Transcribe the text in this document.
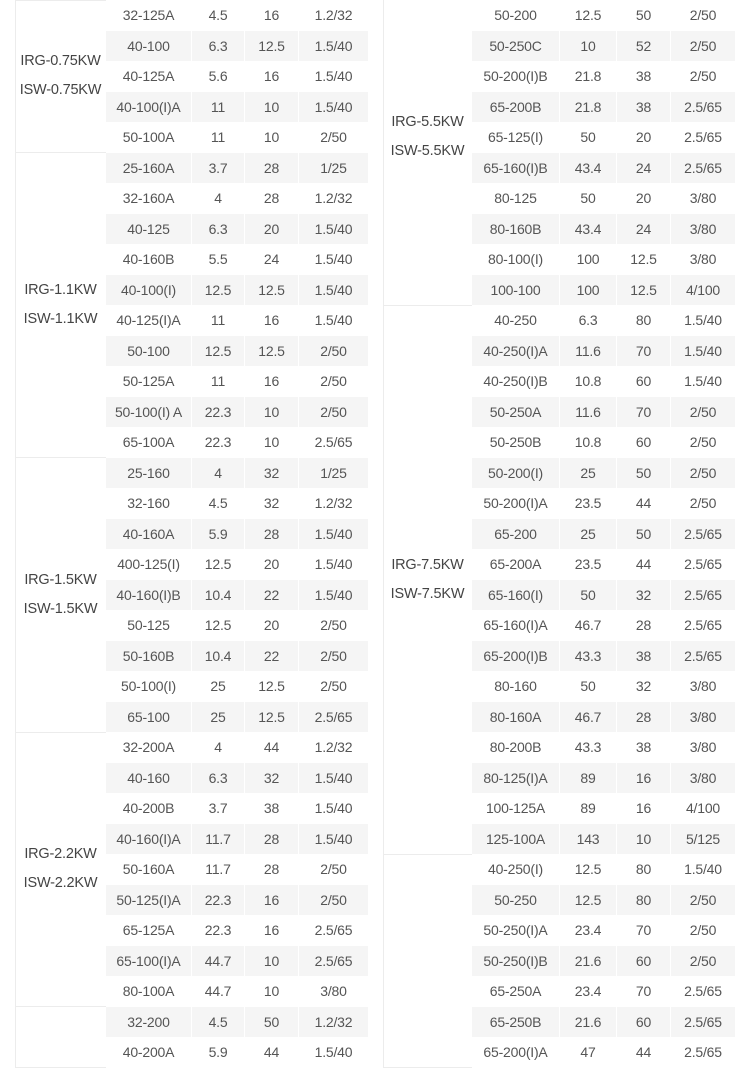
IRG-0.75KW
ISW-0.75KW	32-125A	4.5	16	1.2/32
	40-100	6.3	12.5	1.5/40
	40-125A	5.6	16	1.5/40
	40-100(I)A	11	10	1.5/40
	50-100A	11	10	2/50

IRG-1.1KW
ISW-1.1KW	25-160A	3.7	28	1/25
	32-160A	4	28	1.2/32
	40-125	6.3	20	1.5/40
	40-160B	5.5	24	1.5/40
	40-100(I)	12.5	12.5	1.5/40
	40-125(I)A	11	16	1.5/40
	50-100	12.5	12.5	2/50
	50-125A	11	16	2/50
	50-100(I) A	22.3	10	2/50
	65-100A	22.3	10	2.5/65

IRG-1.5KW
ISW-1.5KW	25-160	4	32	1/25
	32-160	4.5	32	1.2/32
	40-160A	5.9	28	1.5/40
	400-125(I)	12.5	20	1.5/40
	40-160(I)B	10.4	22	1.5/40
	50-125	12.5	20	2/50
	50-160B	10.4	22	2/50
	50-100(I)	25	12.5	2/50
	65-100	25	12.5	2.5/65

IRG-2.2KW
ISW-2.2KW	32-200A	4	44	1.2/32
	40-160	6.3	32	1.5/40
	40-200B	3.7	38	1.5/40
	40-160(I)A	11.7	28	1.5/40
	50-160A	11.7	28	2/50
	50-125(I)A	22.3	16	2/50
	65-125A	22.3	16	2.5/65
	65-100(I)A	44.7	10	2.5/65
	80-100A	44.7	10	3/80

	32-200	4.5	50	1.2/32
	40-200A	5.9	44	1.5/40
IRG-5.5KW
ISW-5.5KW				

	50-200	12.5	50	2/50
	50-250C	10	52	2/50
	50-200(I)B	21.8	38	2/50
	65-200B	21.8	38	2.5/65
	65-125(I)	50	20	2.5/65
	65-160(I)B	43.4	24	2.5/65
	80-125	50	20	3/80
	80-160B	43.4	24	3/80
	80-100(I)	100	12.5	3/80
	100-100	100	12.5	4/100

IRG-7.5KW
ISW-7.5KW	40-250	6.3	80	1.5/40
	40-250(I)A	11.6	70	1.5/40
	40-250(I)B	10.8	60	1.5/40
	50-250A	11.6	70	2/50
	50-250B	10.8	60	2/50
	50-200(I)	25	50	2/50
	50-200(I)A	23.5	44	2/50
	65-200	25	50	2.5/65
	65-200A	23.5	44	2.5/65
	65-160(I)	50	32	2.5/65
	65-160(I)A	46.7	28	2.5/65
	65-200(I)B	43.3	38	2.5/65
	80-160	50	32	3/80
	80-160A	46.7	28	3/80
	80-200B	43.3	38	3/80
	80-125(I)A	89	16	3/80
	100-125A	89	16	4/100
	125-100A	143	10	5/125

	40-250(I)	12.5	80	1.5/40
	50-250	12.5	80	2/50
	50-250(I)A	23.4	70	2/50
	50-250(I)B	21.6	60	2/50
	65-250A	23.4	70	2.5/65
	65-250B	21.6	60	2.5/65
	65-200(I)A	47	44	2.5/65
